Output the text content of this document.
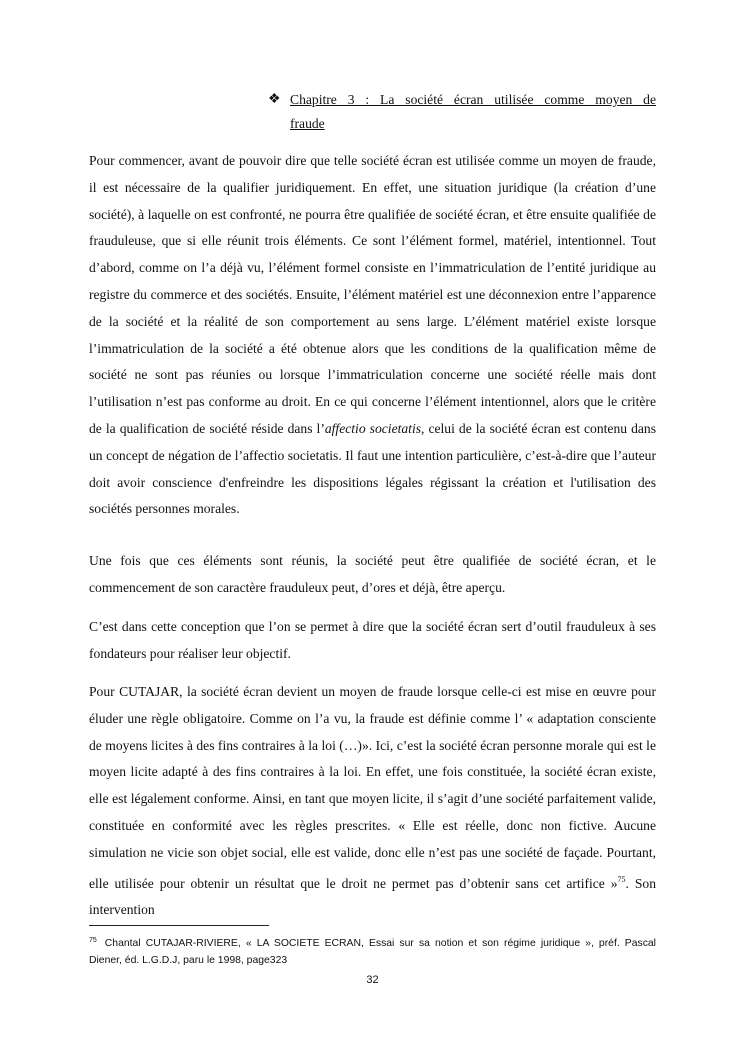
❖ Chapitre 3 : La société écran utilisée comme moyen de
fraude

Pour commencer, avant de pouvoir dire que telle société écran est utilisée comme un moyen de fraude, il est nécessaire de la qualifier juridiquement. En effet, une situation juridique (la création d’une société), à laquelle on est confronté, ne pourra être qualifiée de société écran, et être ensuite qualifiée de frauduleuse, que si elle réunit trois éléments. Ce sont l’élément formel, matériel, intentionnel. Tout d’abord, comme on l’a déjà vu, l’élément formel consiste en l’immatriculation de l’entité juridique au registre du commerce et des sociétés. Ensuite, l’élément matériel est une déconnexion entre l’apparence de la société et la réalité de son comportement au sens large. L’élément matériel existe lorsque l’immatriculation de la société a été obtenue alors que les conditions de la qualification même de société ne sont pas réunies ou lorsque l’immatriculation concerne une société réelle mais dont l’utilisation n’est pas conforme au droit. En ce qui concerne l’élément intentionnel, alors que le critère de la qualification de société réside dans l’affectio societatis, celui de la société écran est contenu dans un concept de négation de l’affectio societatis. Il faut une intention particulière, c’est-à-dire que l’auteur doit avoir conscience d'enfreindre les dispositions légales régissant la création et l'utilisation des sociétés personnes morales.

Une fois que ces éléments sont réunis, la société peut être qualifiée de société écran, et le commencement de son caractère frauduleux peut, d’ores et déjà, être aperçu.

C’est dans cette conception que l’on se permet à dire que la société écran sert d’outil frauduleux à ses fondateurs pour réaliser leur objectif.

Pour CUTAJAR, la société écran devient un moyen de fraude lorsque celle-ci est mise en œuvre pour éluder une règle obligatoire. Comme on l’a vu, la fraude est définie comme l’ « adaptation consciente de moyens licites à des fins contraires à la loi (…)». Ici, c’est la société écran personne morale qui est le moyen licite adapté à des fins contraires à la loi. En effet, une fois constituée, la société écran existe, elle est légalement conforme. Ainsi, en tant que moyen licite, il s’agit d’une société parfaitement valide, constituée en conformité avec les règles prescrites. « Elle est réelle, donc non fictive. Aucune simulation ne vicie son objet social, elle est valide, donc elle n’est pas une société de façade. Pourtant, elle utilisée pour obtenir un résultat que le droit ne permet pas d’obtenir sans cet artifice »$^{75}$. Son intervention

$^{75}$ Chantal CUTAJAR-RIVIERE, « LA SOCIETE ECRAN, Essai sur sa notion et son régime juridique », préf. Pascal Diener, éd. L.G.D.J, paru le 1998, page323

32
